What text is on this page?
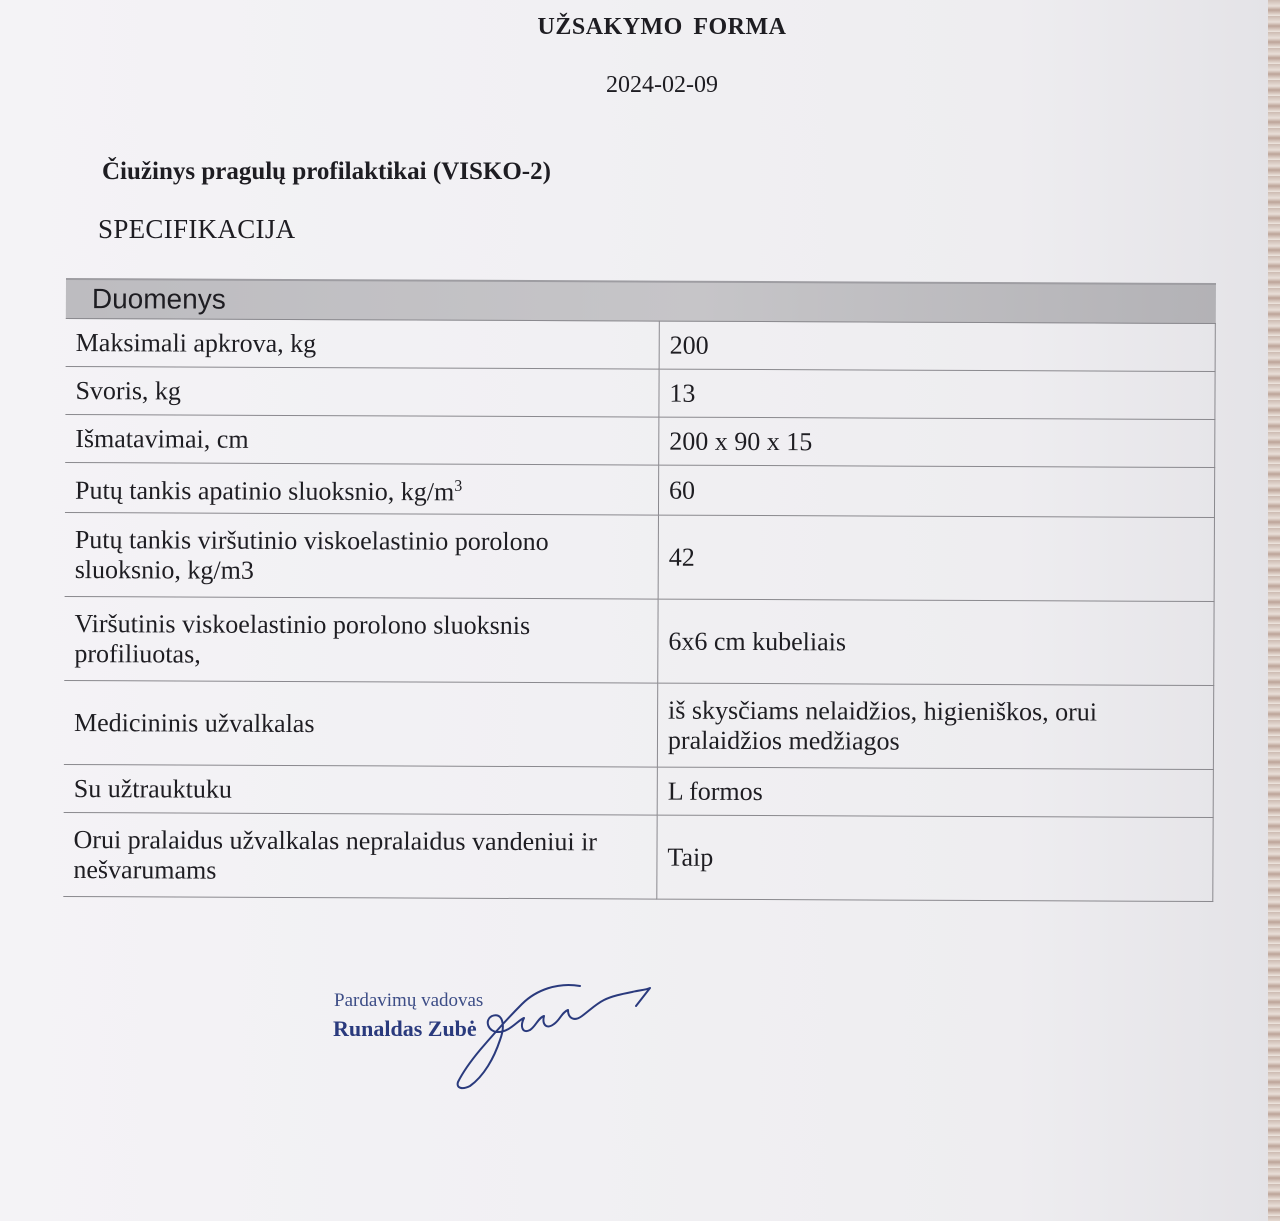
UŽSAKYMO FORMA
2024-02-09
Čiužinys pragulų profilaktikai (VISKO-2)
SPECIFIKACIJA
Duomenys	
Maksimali apkrova, kg	200
Svoris, kg	13
Išmatavimai, cm	200 x 90 x 15
Putų tankis apatinio sluoksnio, $kg/m^3$	60
Putų tankis viršutinio viskoelastinio porolono sluoksnio, kg/m3	42
Viršutinis viskoelastinio porolono sluoksnis profiliuotas,	6x6 cm kubeliais
Medicininis užvalkalas	iš skysčiams nelaidžios, higieniškos, orui pralaidžios medžiagos
Su užtrauktuku	L formos
Orui pralaidus užvalkalas nepralaidus vandeniui ir nešvarumams	Taip
Pardavimų vadovas
Runaldas Zubė
